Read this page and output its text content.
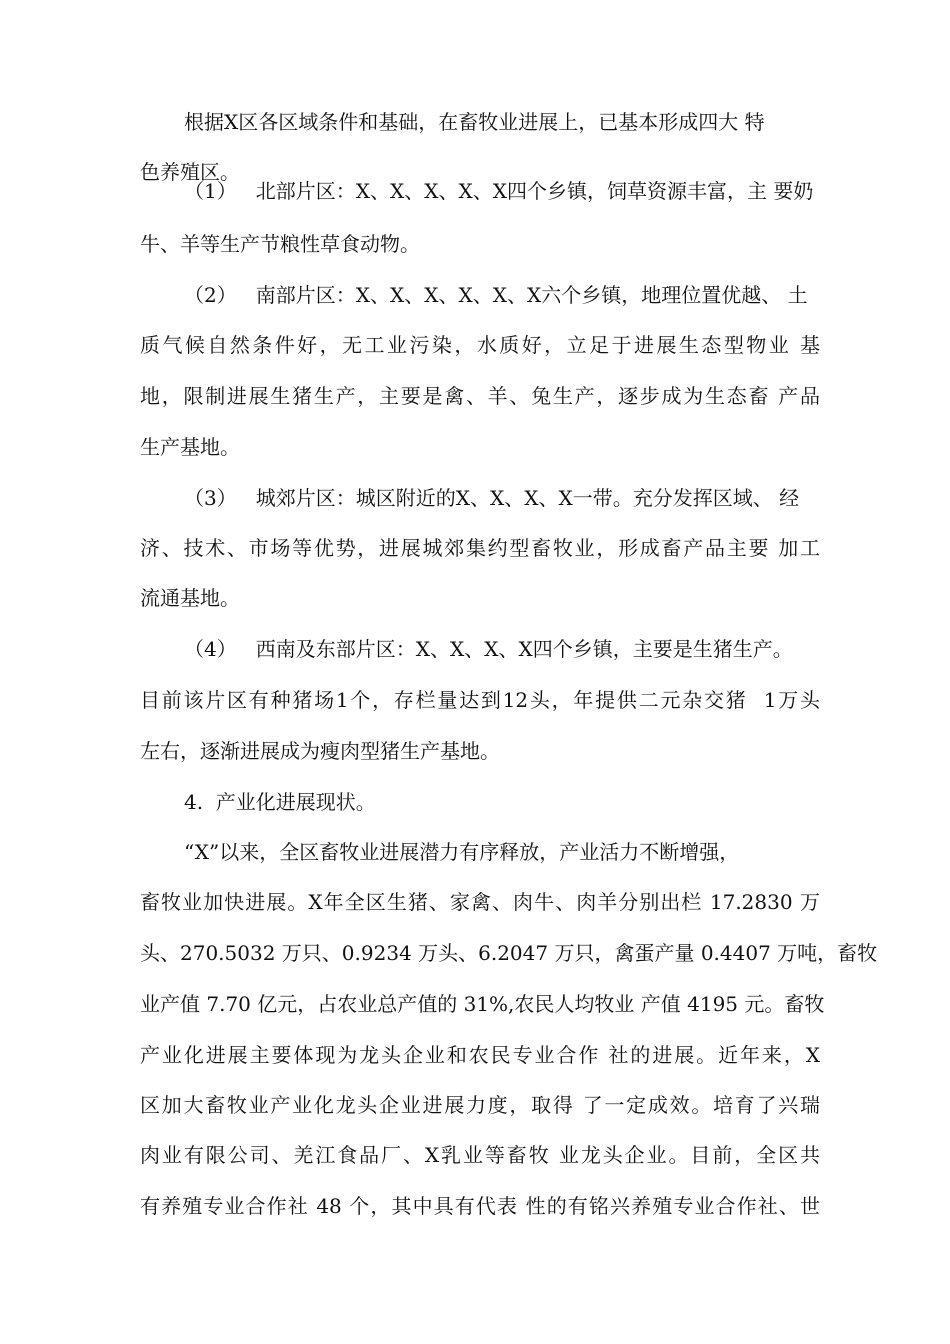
根据X区各区域条件和基础，在畜牧业进展上，已基本形成四大 特
色养殖区。
（1）   北部片区：X、X、X、X、X四个乡镇，饲草资源丰富，主 要奶
牛、羊等生产节粮性草食动物。
（2）   南部片区：X、X、X、X、X、X六个乡镇，地理位置优越、 土
质气候自然条件好，无工业污染，水质好，立足于进展生态型物业 基
地，限制进展生猪生产，主要是禽、羊、兔生产，逐步成为生态畜 产品
生产基地。
（3）   城郊片区：城区附近的X、X、X、X一带。充分发挥区域、 经
济、技术、市场等优势，进展城郊集约型畜牧业，形成畜产品主要 加工
流通基地。
（4）   西南及东部片区：X、X、X、X四个乡镇，主要是生猪生产。
目前该片区有种猪场1个，存栏量达到12头，年提供二元杂交猪  1万头
左右，逐渐进展成为瘦肉型猪生产基地。
4.  产业化进展现状。
“X”以来，全区畜牧业进展潜力有序释放，产业活力不断增强，
畜牧业加快进展。X年全区生猪、家禽、肉牛、肉羊分别出栏 17.2830 万
头、270.5032 万只、0.9234 万头、6.2047 万只，禽蛋产量 0.4407 万吨，畜牧
业产值 7.70 亿元，占农业总产值的 31%,农民人均牧业 产值 4195 元。畜牧
产业化进展主要体现为龙头企业和农民专业合作 社的进展。近年来，X
区加大畜牧业产业化龙头企业进展力度，取得 了一定成效。培育了兴瑞
肉业有限公司、羌江食品厂、X乳业等畜牧 业龙头企业。目前，全区共
有养殖专业合作社 48 个，其中具有代表 性的有铭兴养殖专业合作社、世
